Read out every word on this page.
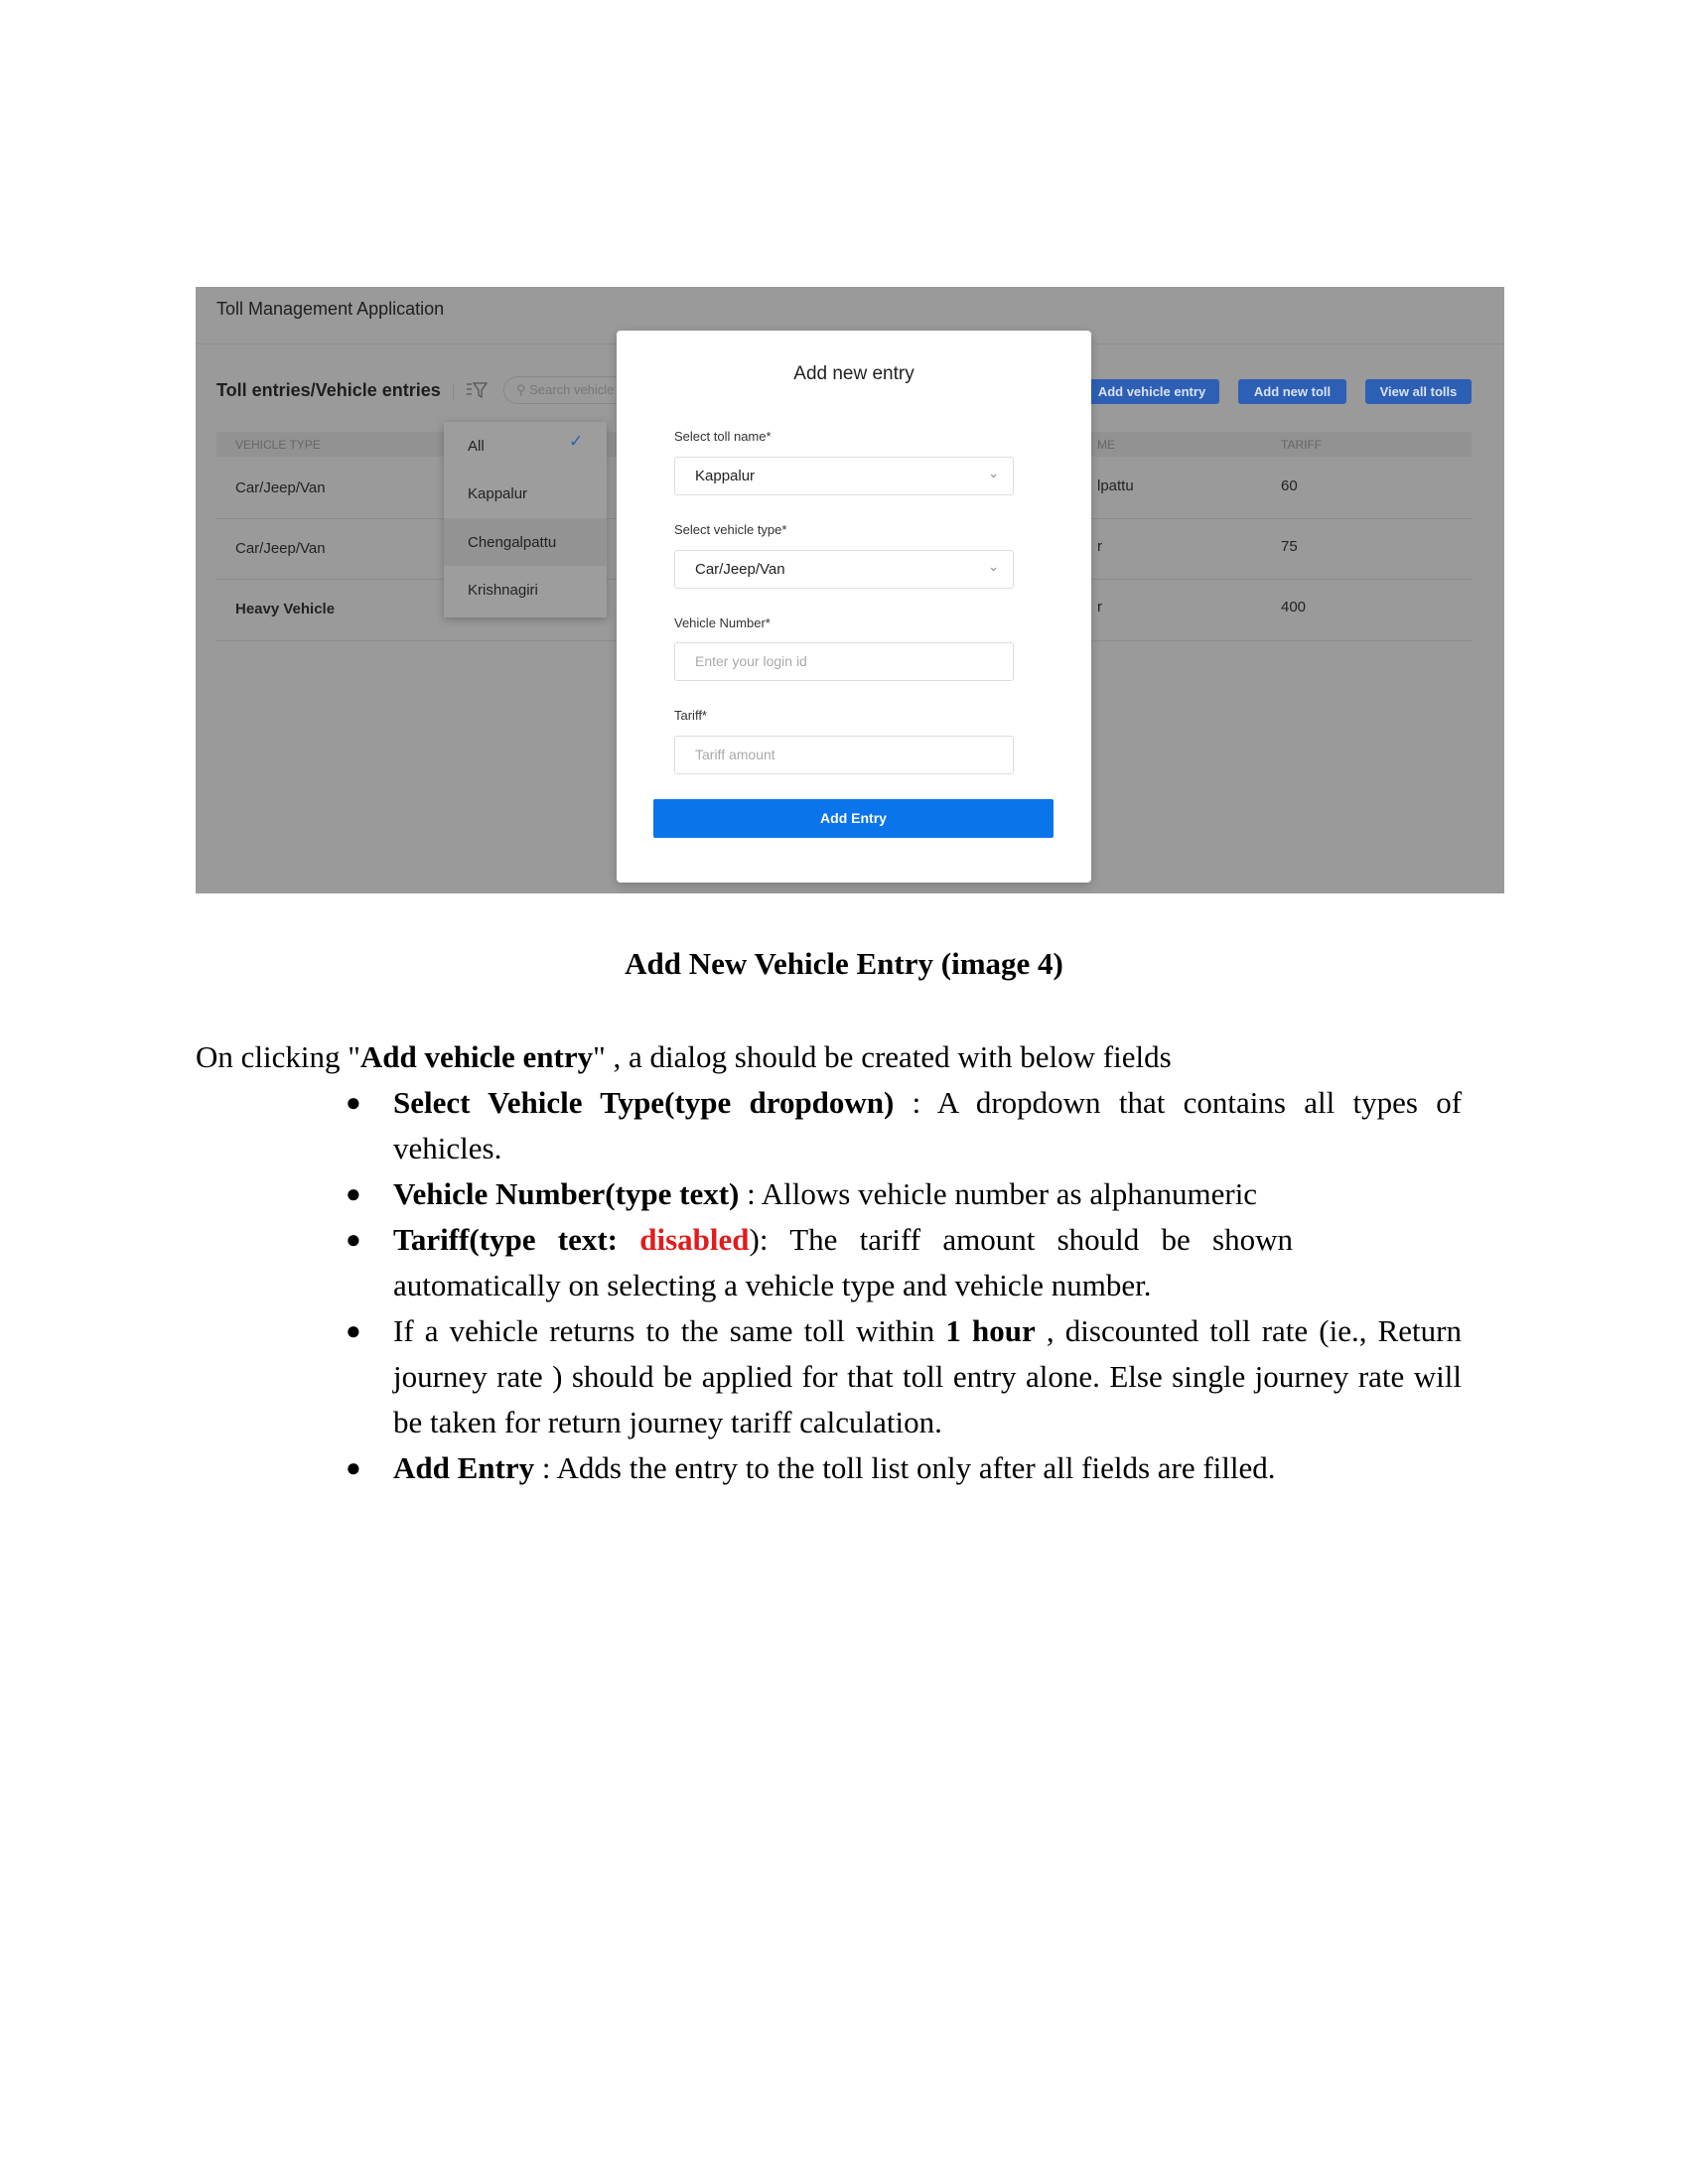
Toll Management Application
Toll entries/Vehicle entries	⚲ Search vehicle	Add vehicle entry	Add new toll	View all tolls
VEHICLE TYPE	ME	TARIFF
Car/Jeep/Van	lpattu	60
Car/Jeep/Van	r	75
Heavy Vehicle	r	400
All	✓
Kappalur
Chengalpattu
Krishnagiri
Add new entry
Select toll name*
Kappalur	⌄
Select vehicle type*
Car/Jeep/Van	⌄
Vehicle Number*
Enter your login id
Tariff*
Tariff amount
Add Entry
Add New Vehicle Entry (image 4)
On clicking "Add vehicle entry" , a dialog should be created with below fields
● Select Vehicle Type(type dropdown) : A dropdown that contains all types of vehicles.
● Vehicle Number(type text) : Allows vehicle number as alphanumeric
● Tariff(type text: disabled): The tariff amount should be shown
automatically on selecting a vehicle type and vehicle number.
● If a vehicle returns to the same toll within 1 hour , discounted toll rate (ie., Return journey rate ) should be applied for that toll entry alone. Else single journey rate will be taken for return journey tariff calculation.
● Add Entry : Adds the entry to the toll list only after all fields are filled.
